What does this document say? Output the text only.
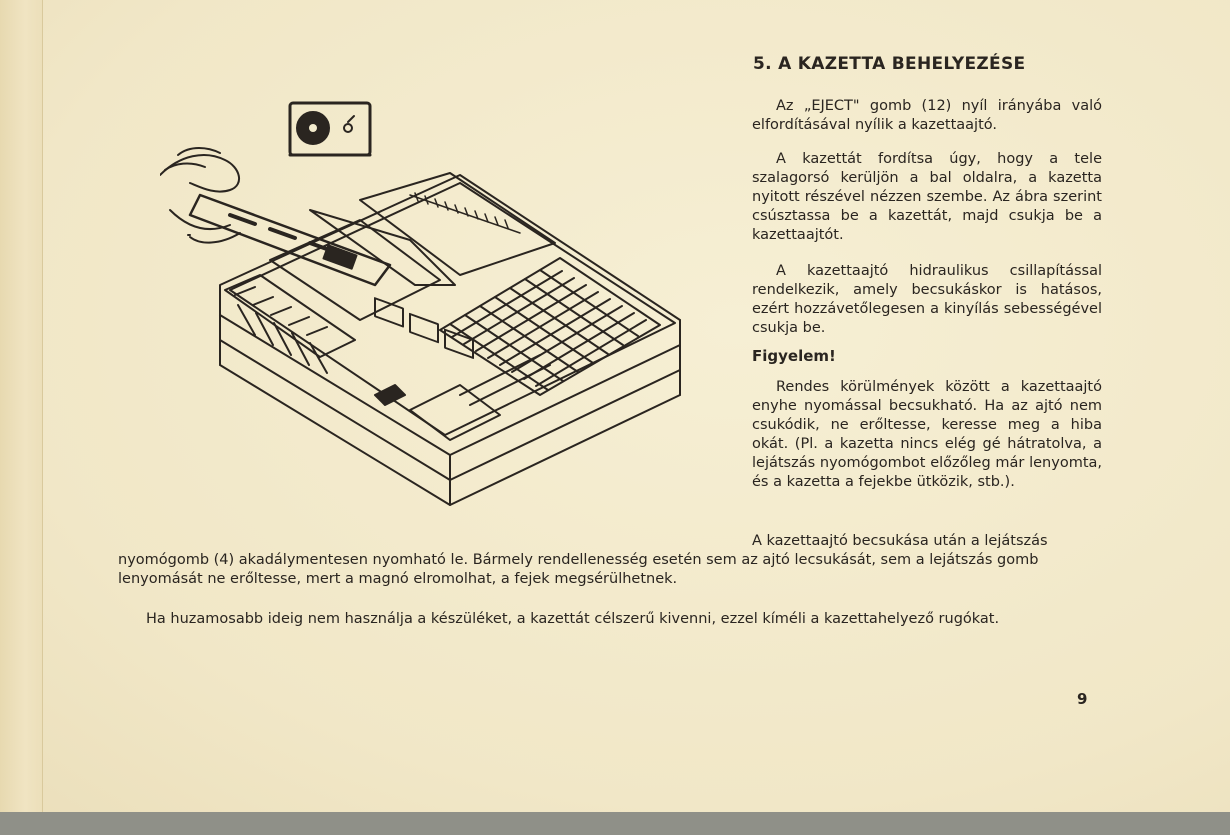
5. A KAZETTA BEHELYEZÉSE

Az „EJECT" gomb (12) nyíl irányába való elfordításával nyílik a kazettaajtó.

A kazettát fordítsa úgy, hogy a tele szalagorsó kerüljön a bal oldalra, a kazetta nyitott részével nézzen szembe. Az ábra szerint csúsztassa be a kazettát, majd csukja be a kazettaajtót.

A kazettaajtó hidraulikus csillapítással rendelkezik, amely becsukáskor is hatásos, ezért hozzávetőlegesen a kinyílás sebességével csukja be.

Figyelem!

Rendes körülmények között a kazettaajtó enyhe nyomással becsukható. Ha az ajtó nem csukódik, ne erőltesse, keresse meg a hiba okát. (Pl. a kazetta nincs elég gé hátratolva, a lejátszás nyomógombot előzőleg már lenyomta, és a kazetta a fejekbe ütközik, stb.).

A kazettaajtó becsukása után a lejátszás nyomógomb (4) akadálymentesen nyomható le. Bármely rendellenesség esetén sem az ajtó lecsukását, sem a lejátszás gomb lenyomását ne erőltesse, mert a magnó elromolhat, a fejek megsérülhetnek.

Ha huzamosabb ideig nem használja a készüléket, a kazettát célszerű kivenni, ezzel kíméli a kazettahelyező rugókat.

9
